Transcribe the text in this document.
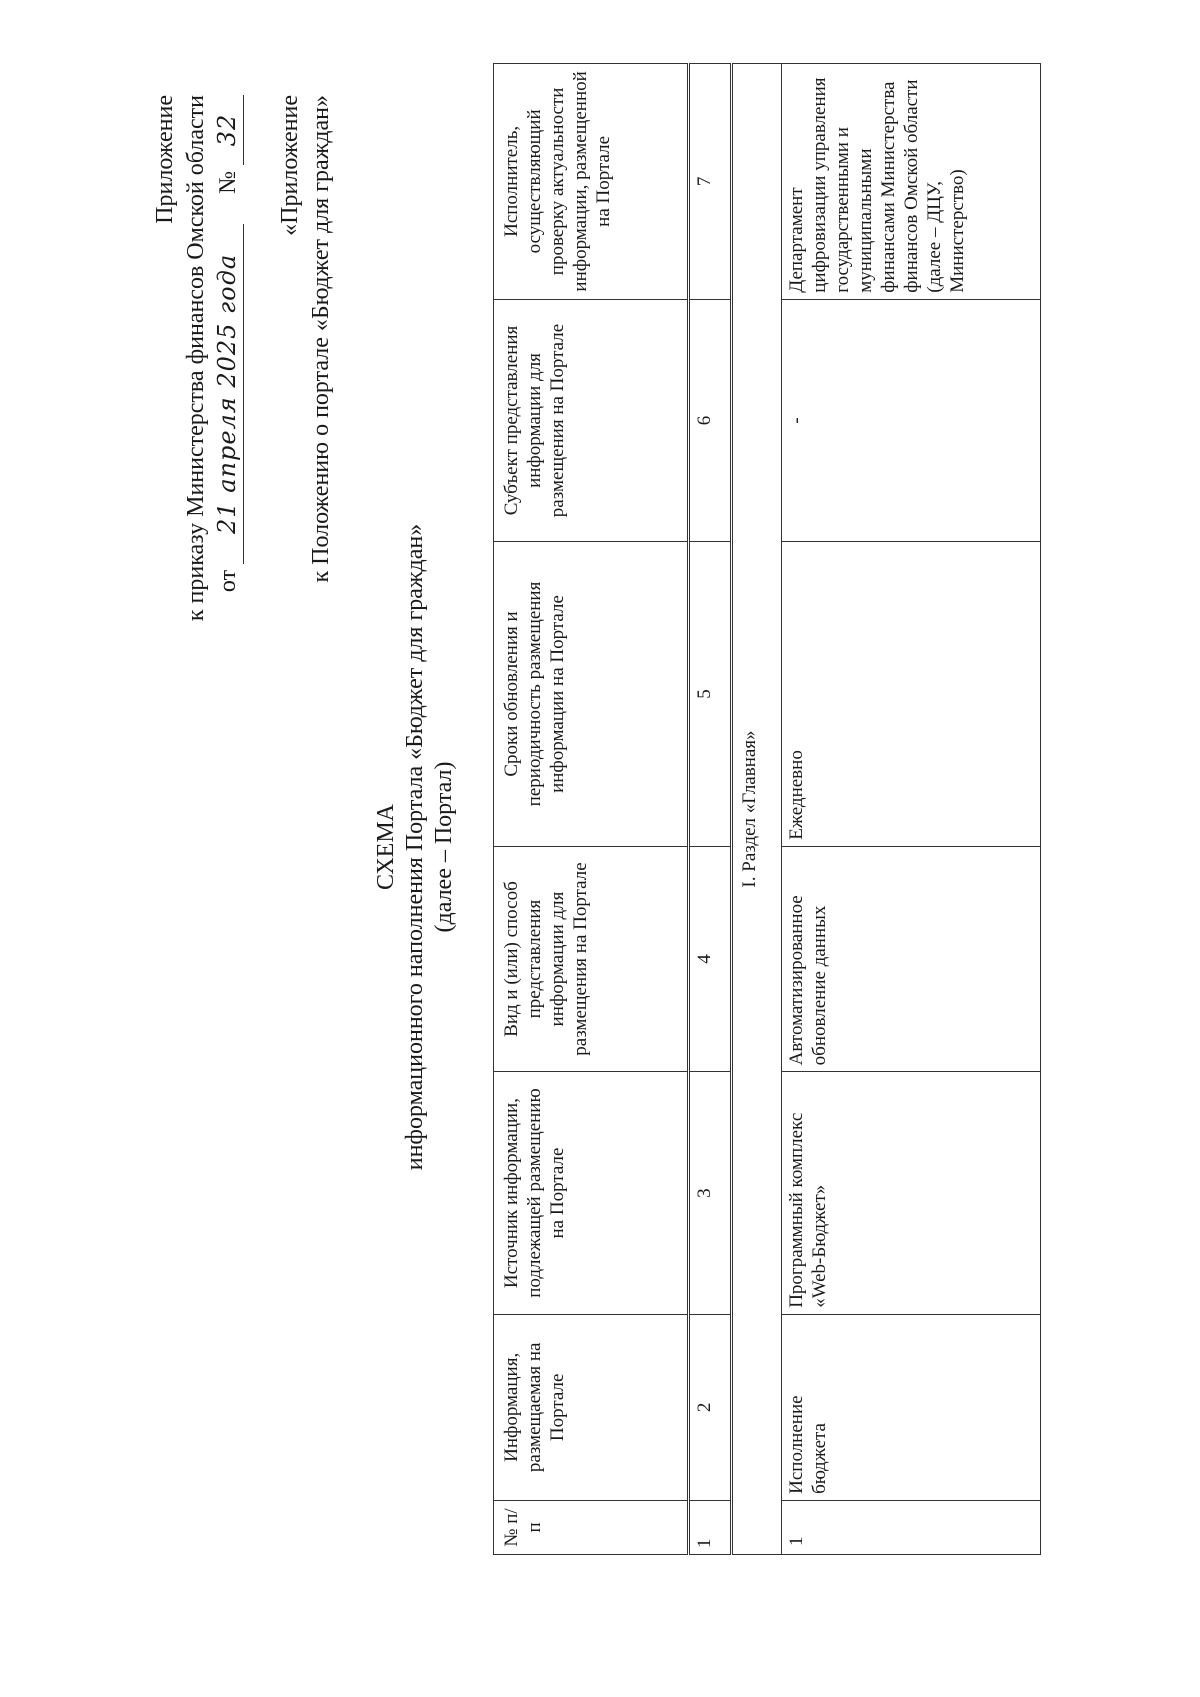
Приложение к приказу Министерства финансов Омской области от 21 апреля 2025 года     № 32 «Приложение к Положению о портале «Бюджет для граждан»
СХЕМА информационного наполнения Портала «Бюджет для граждан» (далее – Портал)
№ п/п	Информация, размещаемая на Портале	Источник информации, подлежащей размещению на Портале	Вид и (или) способ представления информации для размещения на Портале	Сроки обновления и периодичность размещения информации на Портале	Субъект представления информации для размещения на Портале	Исполнитель, осуществляющий проверку актуальности информации, размещенной на Портале
1	2	3	4	5	6	7
I. Раздел «Главная»						
1	Исполнение бюджета	Программный комплекс «Web-Бюджет»	Автоматизированное обновление данных	Ежедневно	-	Департамент цифровизации управления государственными и муниципальными финансами Министерства финансов Омской области (далее – ДЦУ, Министерство)
